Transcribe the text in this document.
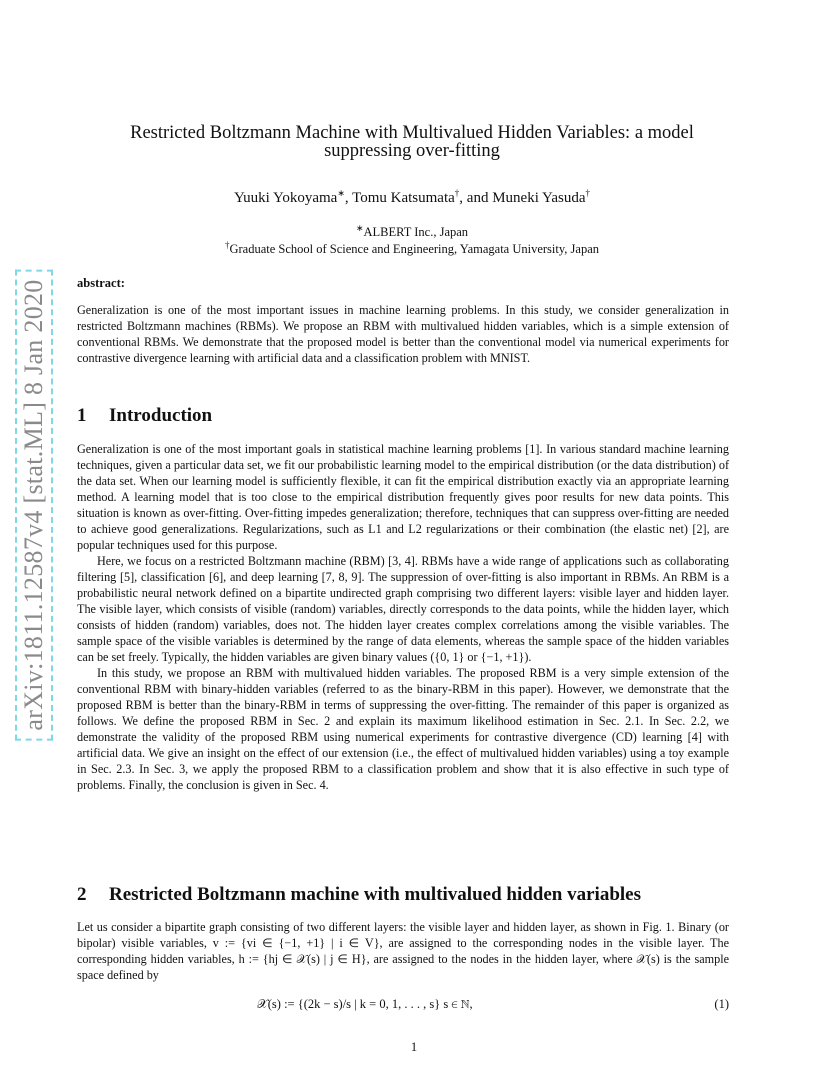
arXiv:1811.12587v4 [stat.ML] 8 Jan 2020
Restricted Boltzmann Machine with Multivalued Hidden Variables: a model
suppressing over-fitting
Yuuki Yokoyama∗, Tomu Katsumata†, and Muneki Yasuda†
∗ALBERT Inc., Japan
†Graduate School of Science and Engineering, Yamagata University, Japan
abstract:

Generalization is one of the most important issues in machine learning problems. In this study, we consider generalization in restricted Boltzmann machines (RBMs). We propose an RBM with multivalued hidden variables, which is a simple extension of conventional RBMs. We demonstrate that the proposed model is better than the conventional model via numerical experiments for contrastive divergence learning with artificial data and a classification problem with MNIST.

1 Introduction

Generalization is one of the most important goals in statistical machine learning problems [1]. In various standard machine learning techniques, given a particular data set, we fit our probabilistic learning model to the empirical distribution (or the data distribution) of the data set. When our learning model is sufficiently flexible, it can fit the empirical distribution exactly via an appropriate learning method. A learning model that is too close to the empirical distribution frequently gives poor results for new data points. This situation is known as over-fitting. Over-fitting impedes generalization; therefore, techniques that can suppress over-fitting are needed to achieve good generalizations. Regularizations, such as L1 and L2 regularizations or their combination (the elastic net) [2], are popular techniques used for this purpose.

Here, we focus on a restricted Boltzmann machine (RBM) [3, 4]. RBMs have a wide range of applications such as collaborating filtering [5], classification [6], and deep learning [7, 8, 9]. The suppression of over-fitting is also important in RBMs. An RBM is a probabilistic neural network defined on a bipartite undirected graph comprising two different layers: visible layer and hidden layer. The visible layer, which consists of visible (random) variables, directly corresponds to the data points, while the hidden layer, which consists of hidden (random) variables, does not. The hidden layer creates complex correlations among the visible variables. The sample space of the visible variables is determined by the range of data elements, whereas the sample space of the hidden variables can be set freely. Typically, the hidden variables are given binary values ({0, 1} or {−1, +1}).

In this study, we propose an RBM with multivalued hidden variables. The proposed RBM is a very simple extension of the conventional RBM with binary-hidden variables (referred to as the binary-RBM in this paper). However, we demonstrate that the proposed RBM is better than the binary-RBM in terms of suppressing the over-fitting. The remainder of this paper is organized as follows. We define the proposed RBM in Sec. 2 and explain its maximum likelihood estimation in Sec. 2.1. In Sec. 2.2, we demonstrate the validity of the proposed RBM using numerical experiments for contrastive divergence (CD) learning [4] with artificial data. We give an insight on the effect of our extension (i.e., the effect of multivalued hidden variables) using a toy example in Sec. 2.3. In Sec. 3, we apply the proposed RBM to a classification problem and show that it is also effective in such type of problems. Finally, the conclusion is given in Sec. 4.

2 Restricted Boltzmann machine with multivalued hidden variables

Let us consider a bipartite graph consisting of two different layers: the visible layer and hidden layer, as shown in Fig. 1. Binary (or bipolar) visible variables, v := {vi ∈ {−1, +1} | i ∈ V}, are assigned to the corresponding nodes in the visible layer. The corresponding hidden variables, h := {hj ∈ 𝒳(s) | j ∈ H}, are assigned to the nodes in the hidden layer, where 𝒳(s) is the sample space defined by

𝒳(s) := {(2k − s)/s | k = 0, 1, . . . , s} s ∈ ℕ,	(1)
1
